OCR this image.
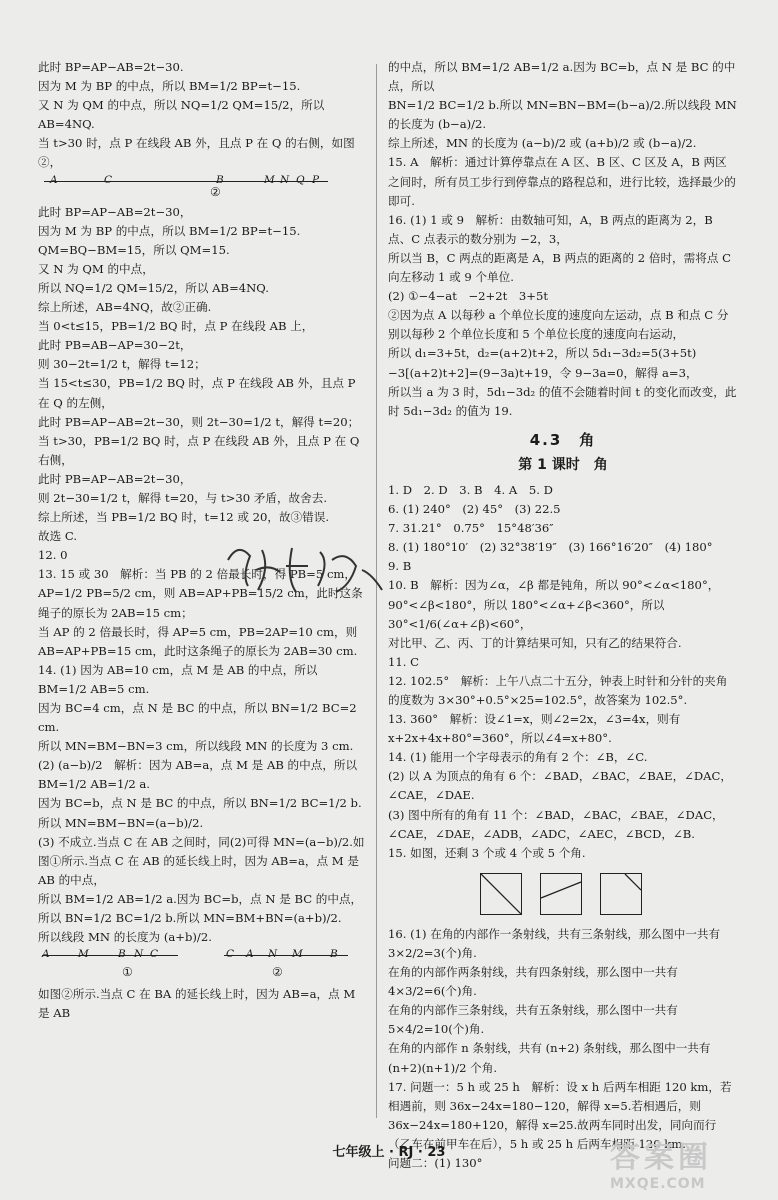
此时 BP=AP−AB=2t−30.

因为 M 为 BP 的中点，所以 BM=1/2 BP=t−15.

又 N 为 QM 的中点，所以 NQ=1/2 QM=15/2，所以 AB=4NQ.

当 t>30 时，点 P 在线段 AB 外，且点 P 在 Q 的右侧，如图②，

A	C	B	M N Q P
②

此时 BP=AP−AB=2t−30，

因为 M 为 BP 的中点，所以 BM=1/2 BP=t−15.

QM=BQ−BM=15，所以 QM=15.

又 N 为 QM 的中点，

所以 NQ=1/2 QM=15/2，所以 AB=4NQ.

综上所述，AB=4NQ，故②正确.

当 0<t≤15，PB=1/2 BQ 时，点 P 在线段 AB 上，

此时 PB=AB−AP=30−2t，

则 30−2t=1/2 t，解得 t=12；

当 15<t≤30，PB=1/2 BQ 时，点 P 在线段 AB 外，且点 P 在 Q 的左侧，

此时 PB=AP−AB=2t−30，则 2t−30=1/2 t，解得 t=20；

当 t>30，PB=1/2 BQ 时，点 P 在线段 AB 外，且点 P 在 Q 右侧，

此时 PB=AP−AB=2t−30，

则 2t−30=1/2 t，解得 t=20，与 t>30 矛盾，故舍去.

综上所述，当 PB=1/2 BQ 时，t=12 或 20，故③错误.

故选 C.

12. 0

13. 15 或 30　解析：当 PB 的 2 倍最长时，得 PB=5 cm，AP=1/2 PB=5/2 cm，则 AB=AP+PB=15/2 cm，此时这条绳子的原长为 2AB=15 cm；

当 AP 的 2 倍最长时，得 AP=5 cm，PB=2AP=10 cm，则 AB=AP+PB=15 cm，此时这条绳子的原长为 2AB=30 cm.

14. (1) 因为 AB=10 cm，点 M 是 AB 的中点，所以 BM=1/2 AB=5 cm.

因为 BC=4 cm，点 N 是 BC 的中点，所以 BN=1/2 BC=2 cm.

所以 MN=BM−BN=3 cm，所以线段 MN 的长度为 3 cm.

(2) (a−b)/2　解析：因为 AB=a，点 M 是 AB 的中点，所以 BM=1/2 AB=1/2 a.

因为 BC=b，点 N 是 BC 的中点，所以 BN=1/2 BC=1/2 b.

所以 MN=BM−BN=(a−b)/2.

(3) 不成立.当点 C 在 AB 之间时，同(2)可得 MN=(a−b)/2.如图①所示.当点 C 在 AB 的延长线上时，因为 AB=a，点 M 是 AB 的中点，

所以 BM=1/2 AB=1/2 a.因为 BC=b，点 N 是 BC 的中点，所以 BN=1/2 BC=1/2 b.所以 MN=BM+BN=(a+b)/2.

所以线段 MN 的长度为 (a+b)/2.

A	M	B N C
①
C A N M	B
②

如图②所示.当点 C 在 BA 的延长线上时，因为 AB=a，点 M 是 AB

的中点，所以 BM=1/2 AB=1/2 a.因为 BC=b，点 N 是 BC 的中点，所以

BN=1/2 BC=1/2 b.所以 MN=BN−BM=(b−a)/2.所以线段 MN 的长度为 (b−a)/2.

综上所述，MN 的长度为 (a−b)/2 或 (a+b)/2 或 (b−a)/2.

15. A　解析：通过计算停靠点在 A 区、B 区、C 区及 A，B 两区之间时，所有员工步行到停靠点的路程总和，进行比较，选择最少的即可.

16. (1) 1 或 9　解析：由数轴可知，A，B 两点的距离为 2，B 点、C 点表示的数分别为 −2，3，

所以当 B，C 两点的距离是 A，B 两点的距离的 2 倍时，需将点 C 向左移动 1 或 9 个单位.

(2) ①−4−at　−2+2t　3+5t

②因为点 A 以每秒 a 个单位长度的速度向左运动，点 B 和点 C 分别以每秒 2 个单位长度和 5 个单位长度的速度向右运动，

所以 d₁=3+5t，d₂=(a+2)t+2，所以 5d₁−3d₂=5(3+5t)−3[(a+2)t+2]=(9−3a)t+19，令 9−3a=0，解得 a=3，

所以当 a 为 3 时，5d₁−3d₂ 的值不会随着时间 t 的变化而改变，此时 5d₁−3d₂ 的值为 19.

4.3　角
第 1 课时　角

1. D　2. D　3. B　4. A　5. D

6. (1) 240°　(2) 45°　(3) 22.5

7. 31.21°　0.75°　15°48′36″

8. (1) 180°10′　(2) 32°38′19″　(3) 166°16′20″　(4) 180°

9. B

10. B　解析：因为∠α，∠β 都是钝角，所以 90°<∠α<180°，90°<∠β<180°，所以 180°<∠α+∠β<360°，所以 30°<1/6(∠α+∠β)<60°，

对比甲、乙、丙、丁的计算结果可知，只有乙的结果符合.

11. C

12. 102.5°　解析：上午八点二十五分，钟表上时针和分针的夹角的度数为 3×30°+0.5°×25=102.5°，故答案为 102.5°.

13. 360°　解析：设∠1=x，则∠2=2x，∠3=4x，则有 x+2x+4x+80°=360°，所以∠4=x+80°.

14. (1) 能用一个字母表示的角有 2 个：∠B，∠C.

(2) 以 A 为顶点的角有 6 个：∠BAD，∠BAC，∠BAE，∠DAC，∠CAE，∠DAE.

(3) 图中所有的角有 11 个：∠BAD，∠BAC，∠BAE，∠DAC，∠CAE，∠DAE，∠ADB，∠ADC，∠AEC，∠BCD，∠B.

15. 如图，还剩 3 个或 4 个或 5 个角.

16. (1) 在角的内部作一条射线，共有三条射线，那么图中一共有 3×2/2=3(个)角.

在角的内部作两条射线，共有四条射线，那么图中一共有 4×3/2=6(个)角.

在角的内部作三条射线，共有五条射线，那么图中一共有 5×4/2=10(个)角.

在角的内部作 n 条射线，共有 (n+2) 条射线，那么图中一共有 (n+2)(n+1)/2 个角.

17. 问题一：5 h 或 25 h　解析：设 x h 后两车相距 120 km，若相遇前，则 36x−24x=180−120，解得 x=5.若相遇后，则 36x−24x=180+120，解得 x=25.故两车同时出发，同向而行（乙车在前甲车在后），5 h 或 25 h 后两车相距 120 km.

问题二：(1) 130°

七年级上 · RJ · 23	答案圈
MXQE.COM
